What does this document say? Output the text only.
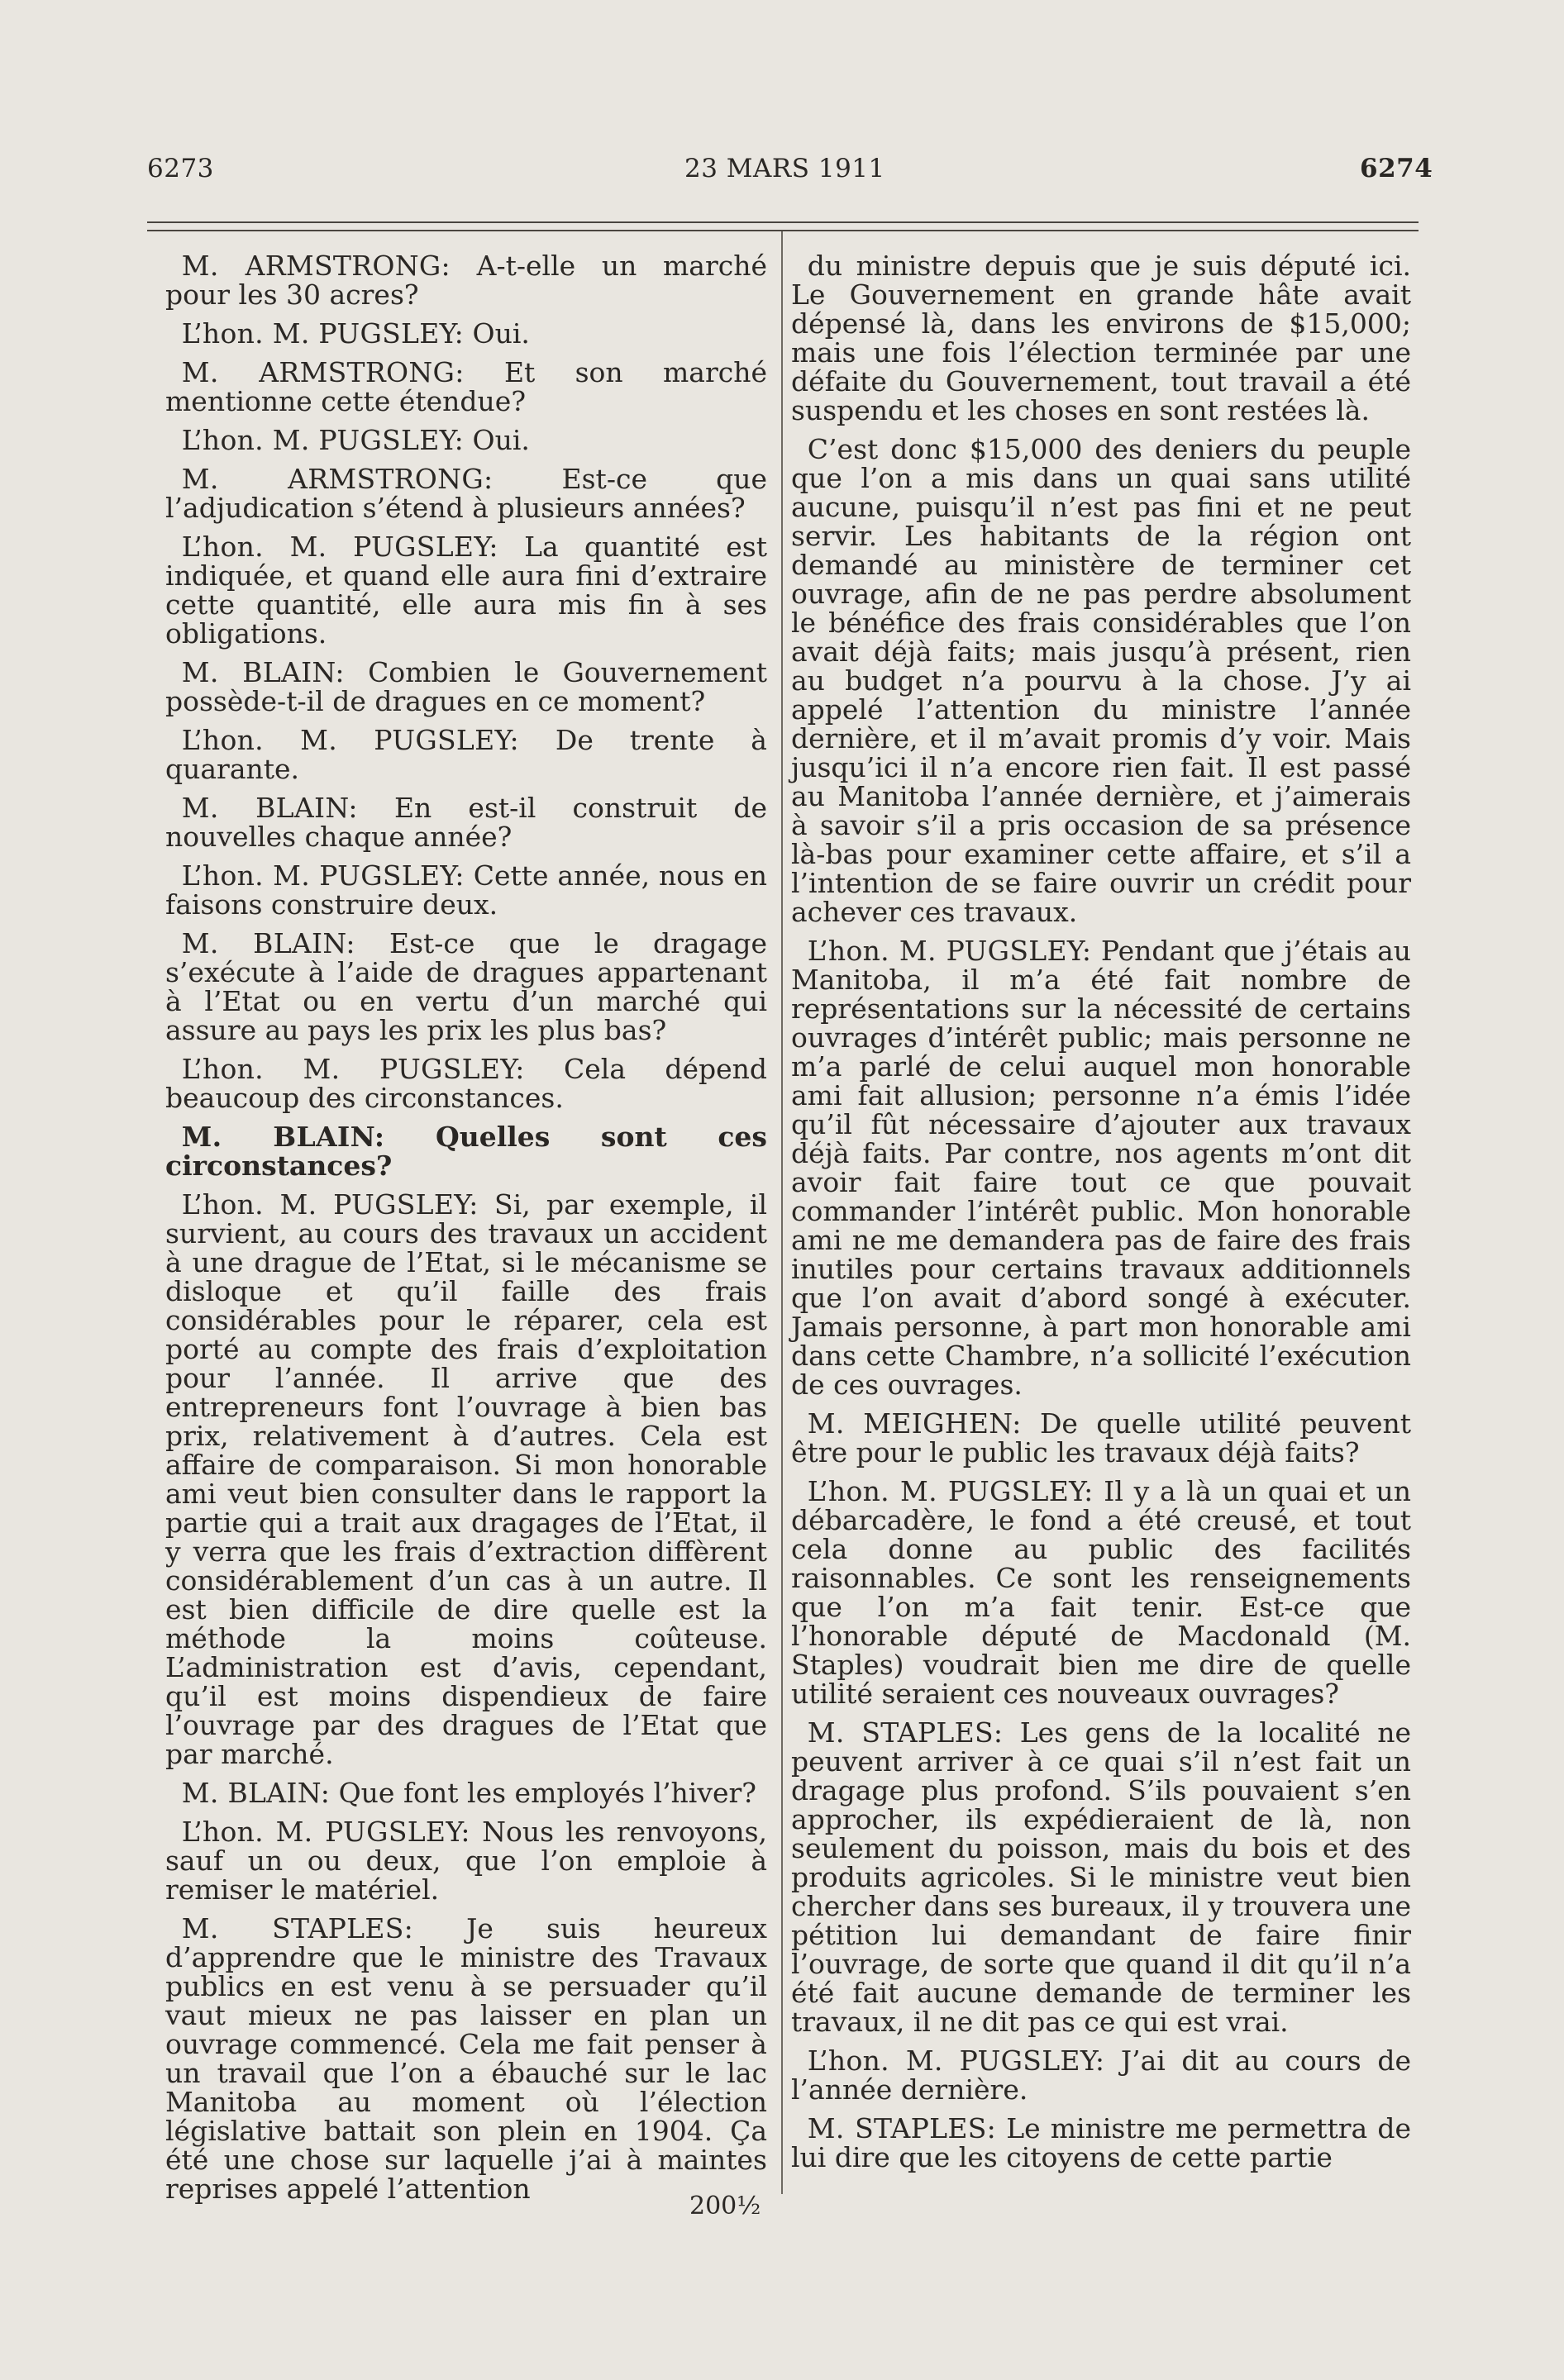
6273	23 MARS 1911	6274

M. ARMSTRONG: A-t-elle un marché pour les 30 acres?

L’hon. M. PUGSLEY: Oui.

M. ARMSTRONG: Et son marché mentionne cette étendue?

L’hon. M. PUGSLEY: Oui.

M. ARMSTRONG:	Est-ce que l’adjudication s’étend à plusieurs années?

L’hon. M. PUGSLEY: La quantité est indiquée, et quand elle aura fini d’extraire cette quantité, elle aura mis fin à ses obligations.

M. BLAIN: Combien le Gouvernement possède-t-il de dragues en ce moment?

L’hon. M. PUGSLEY: De trente à quarante.

M. BLAIN: En est-il construit de nouvelles chaque année?

L’hon. M. PUGSLEY: Cette année, nous en faisons construire deux.

M. BLAIN: Est-ce que le dragage s’exécute à l’aide de dragues appartenant à l’Etat ou en vertu d’un marché qui assure au pays les prix les plus bas?

L’hon. M. PUGSLEY: Cela dépend beaucoup des circonstances.

M. BLAIN: Quelles sont ces circonstances?

L’hon. M. PUGSLEY: Si, par exemple, il survient, au cours des travaux un accident à une drague de l’Etat, si le mécanisme se disloque et qu’il faille des frais considérables pour le réparer, cela est porté au compte des frais d’exploitation pour l’année. Il arrive que des entrepreneurs font l’ouvrage à bien bas prix, relativement à d’autres. Cela est affaire de comparaison. Si mon honorable ami veut bien consulter dans le rapport la partie qui a trait aux dragages de l’Etat, il y verra que les frais d’extraction diffèrent considérablement d’un cas à un autre. Il est bien difficile de dire quelle est la méthode la moins coûteuse. L’administration est d’avis, cependant, qu’il est moins dispendieux de faire l’ouvrage par des dragues de l’Etat que par marché.

M. BLAIN: Que font les employés l’hiver?

L’hon. M. PUGSLEY: Nous les renvoyons, sauf un ou deux, que l’on emploie à remiser le matériel.

M. STAPLES: Je suis heureux d’apprendre que le ministre des Travaux publics en est venu à se persuader qu’il vaut mieux ne pas laisser en plan un ouvrage commencé. Cela me fait penser à un travail que l’on a ébauché sur le lac Manitoba au moment où l’élection législative battait son plein en 1904. Ça été une chose sur laquelle j’ai à maintes reprises appelé l’attention

du ministre depuis que je suis député ici. Le Gouvernement en grande hâte avait dépensé là, dans les environs de $15,000; mais une fois l’élection terminée par une défaite du Gouvernement, tout travail a été suspendu et les choses en sont restées là.

C’est donc $15,000 des deniers du peuple que l’on a mis dans un quai sans utilité aucune, puisqu’il n’est pas fini et ne peut servir. Les habitants de la région ont demandé au ministère de terminer cet ouvrage, afin de ne pas perdre absolument le bénéfice des frais considérables que l’on avait déjà faits; mais jusqu’à présent, rien au budget n’a pourvu à la chose. J’y ai appelé l’attention du ministre l’année dernière, et il m’avait promis d’y voir. Mais jusqu’ici il n’a encore rien fait. Il est passé au Manitoba l’année dernière, et j’aimerais à savoir s’il a pris occasion de sa présence là-bas pour examiner cette affaire, et s’il a l’intention de se faire ouvrir un crédit pour achever ces travaux.

L’hon. M. PUGSLEY: Pendant que j’étais au Manitoba, il m’a été fait nombre de représentations sur la nécessité de certains ouvrages d’intérêt public; mais personne ne m’a parlé de celui auquel mon honorable ami fait allusion; personne n’a émis l’idée qu’il fût nécessaire d’ajouter aux travaux déjà faits. Par contre, nos agents m’ont dit avoir fait faire tout ce que pouvait commander l’intérêt public. Mon honorable ami ne me demandera pas de faire des frais inutiles pour certains travaux additionnels que l’on avait d’abord songé à exécuter. Jamais personne, à part mon honorable ami dans cette Chambre, n’a sollicité l’exécution de ces ouvrages.

M. MEIGHEN: De quelle utilité peuvent être pour le public les travaux déjà faits?

L’hon. M. PUGSLEY: Il y a là un quai et un débarcadère, le fond a été creusé, et tout cela donne au public des facilités raisonnables. Ce sont les renseignements que l’on m’a fait tenir. Est-ce que l’honorable député de Macdonald (M. Staples) voudrait bien me dire de quelle utilité seraient ces nouveaux ouvrages?

M. STAPLES: Les gens de la localité ne peuvent arriver à ce quai s’il n’est fait un dragage plus profond. S’ils pouvaient s’en approcher, ils expédieraient de là, non seulement du poisson, mais du bois et des produits agricoles. Si le ministre veut bien chercher dans ses bureaux, il y trouvera une pétition lui demandant de faire finir l’ouvrage, de sorte que quand il dit qu’il n’a été fait aucune demande de terminer les travaux, il ne dit pas ce qui est vrai.

L’hon. M. PUGSLEY: J’ai dit au cours de l’année dernière.

M. STAPLES: Le ministre me permettra de lui dire que les citoyens de cette partie

200½
